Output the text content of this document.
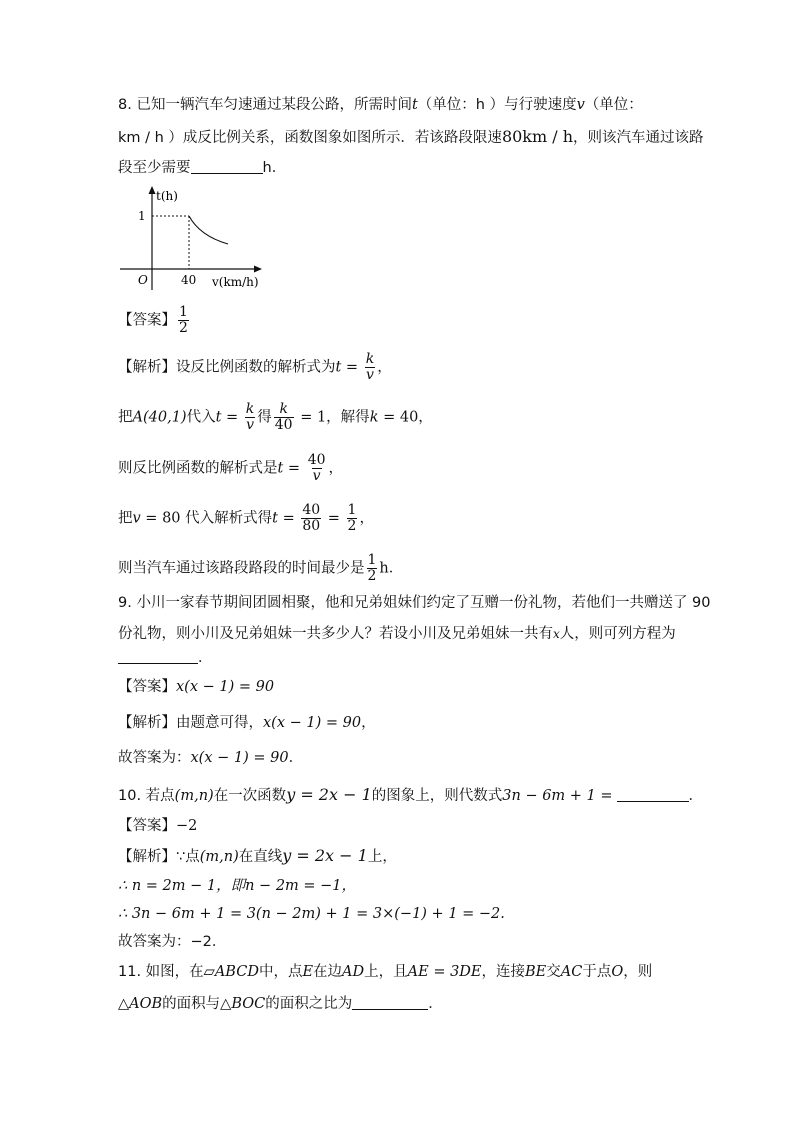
8. 已知一辆汽车匀速通过某段公路，所需时间t（单位：h ）与行驶速度v（单位：
km / h ）成反比例关系，函数图象如图所示．若该路段限速80km / h，则该汽车通过该路
段至少需要	h．
t(h)
1
O	40 v(km/h)
【答案】 $\frac{1}{2}$
【解析】设反比例函数的解析式为$t = \frac{k}{v}$ ，
把A(40,1)代入$t = \frac{k}{v}$ 得 $\frac{k}{40} = 1$，解得k = 40，
则反比例函数的解析式是$t = \frac{40}{v}$ ，
把v = 80 代入解析式得$t = \frac{40}{80} = \frac{1}{2}$ ，
则当汽车通过该路段路段的时间最少是 $\frac{1}{2}$ h．
9. 小川一家春节期间团圆相聚，他和兄弟姐妹们约定了互赠一份礼物，若他们一共赠送了 90
份礼物，则小川及兄弟姐妹一共多少人？若设小川及兄弟姐妹一共有x人，则可列方程为
．
【答案】x(x − 1) = 90
【解析】由题意可得，x(x − 1) = 90，
故答案为：x(x − 1) = 90．
10. 若点(m,n)在一次函数y = 2x − 1的图象上，则代数式3n − 6m + 1 =	．
【答案】−2
【解析】∵点(m,n)在直线y = 2x − 1上，
∴ n = 2m − 1，即n − 2m = −1，
∴ 3n − 6m + 1 = 3(n − 2m) + 1 = 3×(−1) + 1 = −2.
故答案为：−2．
11. 如图，在▱ABCD中，点E在边AD上，且AE = 3DE，连接BE交AC于点O，则
△AOB的面积与△BOC的面积之比为	．
